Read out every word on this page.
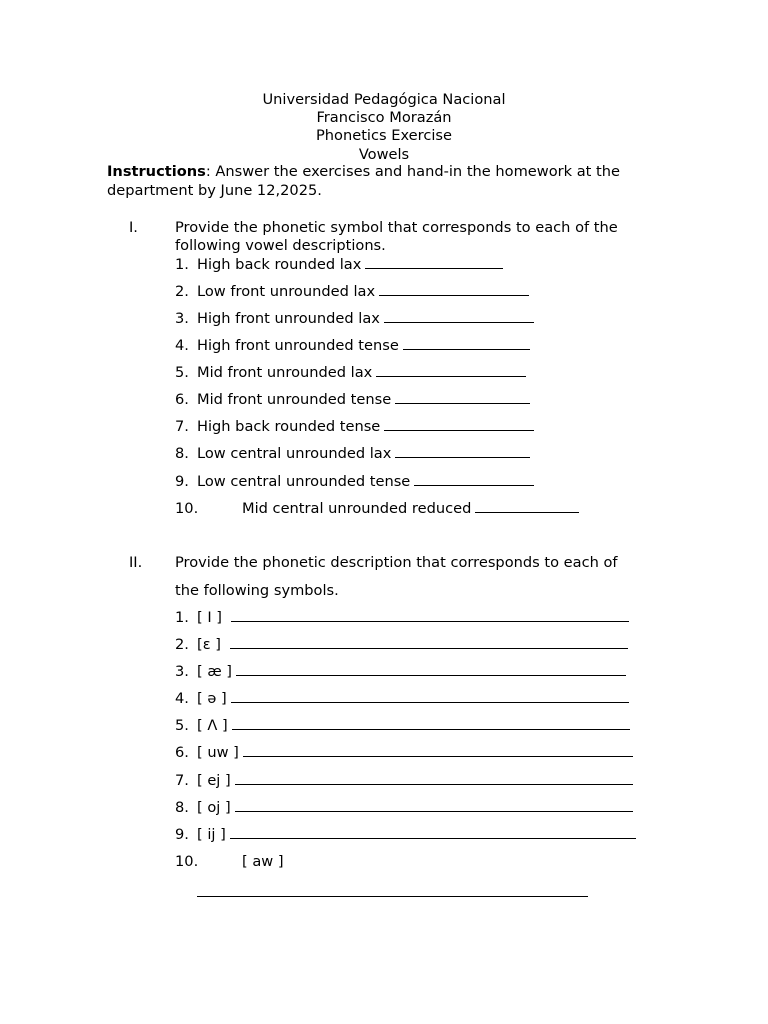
Universidad Pedagógica Nacional
Francisco Morazán
Phonetics Exercise
Vowels
Instructions: Answer the exercises and hand-in the homework at the department by June 12,2025.
I.	Provide the phonetic symbol that corresponds to each of the following vowel descriptions.
1. High back rounded lax
2. Low front unrounded lax
3. High front unrounded lax
4. High front unrounded tense
5. Mid front unrounded lax
6. Mid front unrounded tense
7. High back rounded tense
8. Low central unrounded lax
9. Low central unrounded tense
10.	Mid central unrounded reduced
II. Provide the phonetic description that corresponds to each of
the following symbols.
1. [ I ]
2. [ɛ ]
3. [ æ ]
4. [ ə ]
5. [ Λ ]
6. [ uw ]
7. [ ej ]
8. [ oj ]
9. [ ij ]
10.	[ aw ]
